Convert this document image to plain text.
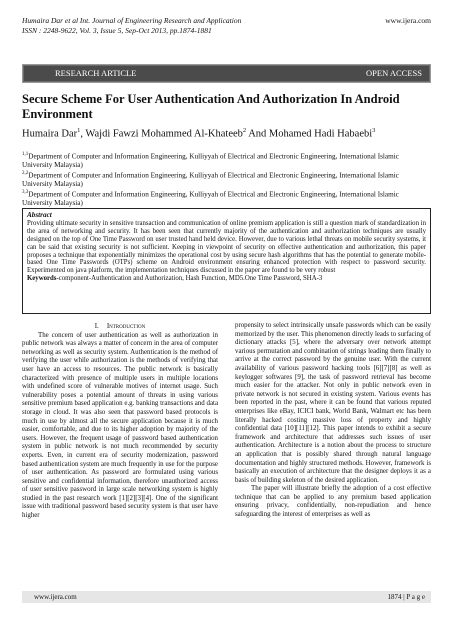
Humaira Dar et al Int. Journal of Engineering Research and Application
ISSN : 2248-9622, Vol. 3, Issue 5, Sep-Oct 2013, pp.1874-1881
www.ijera.com
RESEARCH ARTICLE	OPEN ACCESS
Secure Scheme For User Authentication And Authorization In Android Environment
Humaira Dar$^1$, Wajdi Fawzi Mohammed Al-Khateeb$^2$ And Mohamed Hadi Habaebi$^3$
$^{1,1}$Department of Computer and Information Engineering, Kulliyyah of Electrical and Electronic Engineering, International Islamic University Malaysia)
$^{2,2}$Department of Computer and Information Engineering, Kulliyyah of Electrical and Electronic Engineering, International Islamic University Malaysia)
$^{3,3}$Department of Computer and Information Engineering, Kulliyyah of Electrical and Electronic Engineering, International Islamic University Malaysia)
Abstract
Providing ultimate security in sensitive transaction and communication of online premium application is still a question mark of standardization in the area of networking and security. It has been seen that currently majority of the authentication and authorization techniques are usually designed on the top of One Time Password on user trusted hand held device. However, due to various lethal threats on mobile security systems, it can be said that existing security is not sufficient. Keeping in viewpoint of security on effective authentication and authorization, this paper proposes a technique that exponentially minimizes the operational cost by using secure hash algorithms that has the potential to generate mobile-based One Time Passwords (OTPs) scheme on Android environment ensuring enhanced protection with respect to password security. Experimented on java platform, the implementation techniques discussed in the paper are found to be very robust
Keywords-component-Authentication and Authorization, Hash Function, MD5.One Time Password, SHA-3
I. Introduction

The concern of user authentication as well as authorization in public network was always a matter of concern in the area of computer networking as well as security system. Authentication is the method of verifying the user while authorization is the methods of verifying that user have an access to resources. The public network is basically characterized with presence of multiple users in multiple locations with undefined score of vulnerable motives of internet usage. Such vulnerability poses a potential amount of threats in using various sensitive premium based application e.g. banking transactions and data storage in cloud. It was also seen that password based protocols is much in use by almost all the secure application because it is much easier, comfortable, and due to its higher adoption by majority of the users. However, the frequent usage of password based authentication system in public network is not much recommended by security experts. Even, in current era of security modernization, password based authentication system are much frequently in use for the purpose of user authentication. As password are formulated using various sensitive and confidential information, therefore unauthorized access of user sensitive password in large scale networking system is highly studied in the past research work [1][2][3][4]. One of the significant issue with traditional password based security system is that user have higher

propensity to select intrinsically unsafe passwords which can be easily memorized by the user. This phenomenon directly leads to surfacing of dictionary attacks [5], where the adversary over network attempt various permutation and combination of strings leading them finally to arrive at the correct password by the genuine user. With the current availability of various password hacking tools [6][7][8] as well as keylogger softwares [9], the task of password retrieval has become much easier for the attacker. Not only in public network even in private network is not secured in existing system. Various events has been reported in the past, where it can be found that various reputed enterprises like eBay, ICICI bank, World Bank, Walmart etc has been literally hacked costing massive loss of property and highly confidential data [10][11][12]. This paper intends to exhibit a secure framework and architecture that addresses such issues of user authentication. Architecture is a notion about the process to structure an application that is possibly shared through natural language documentation and highly structured methods. However, framework is basically an execution of architecture that the designer deploys it as a basis of building skeleton of the desired application.

The paper will illustrate briefly the adoption of a cost effective technique that can be applied to any premium based application ensuring privacy, confidentially, non-repudiation and hence safeguarding the interest of enterprises as well as

www.ijera.com	1874 | P a g e
